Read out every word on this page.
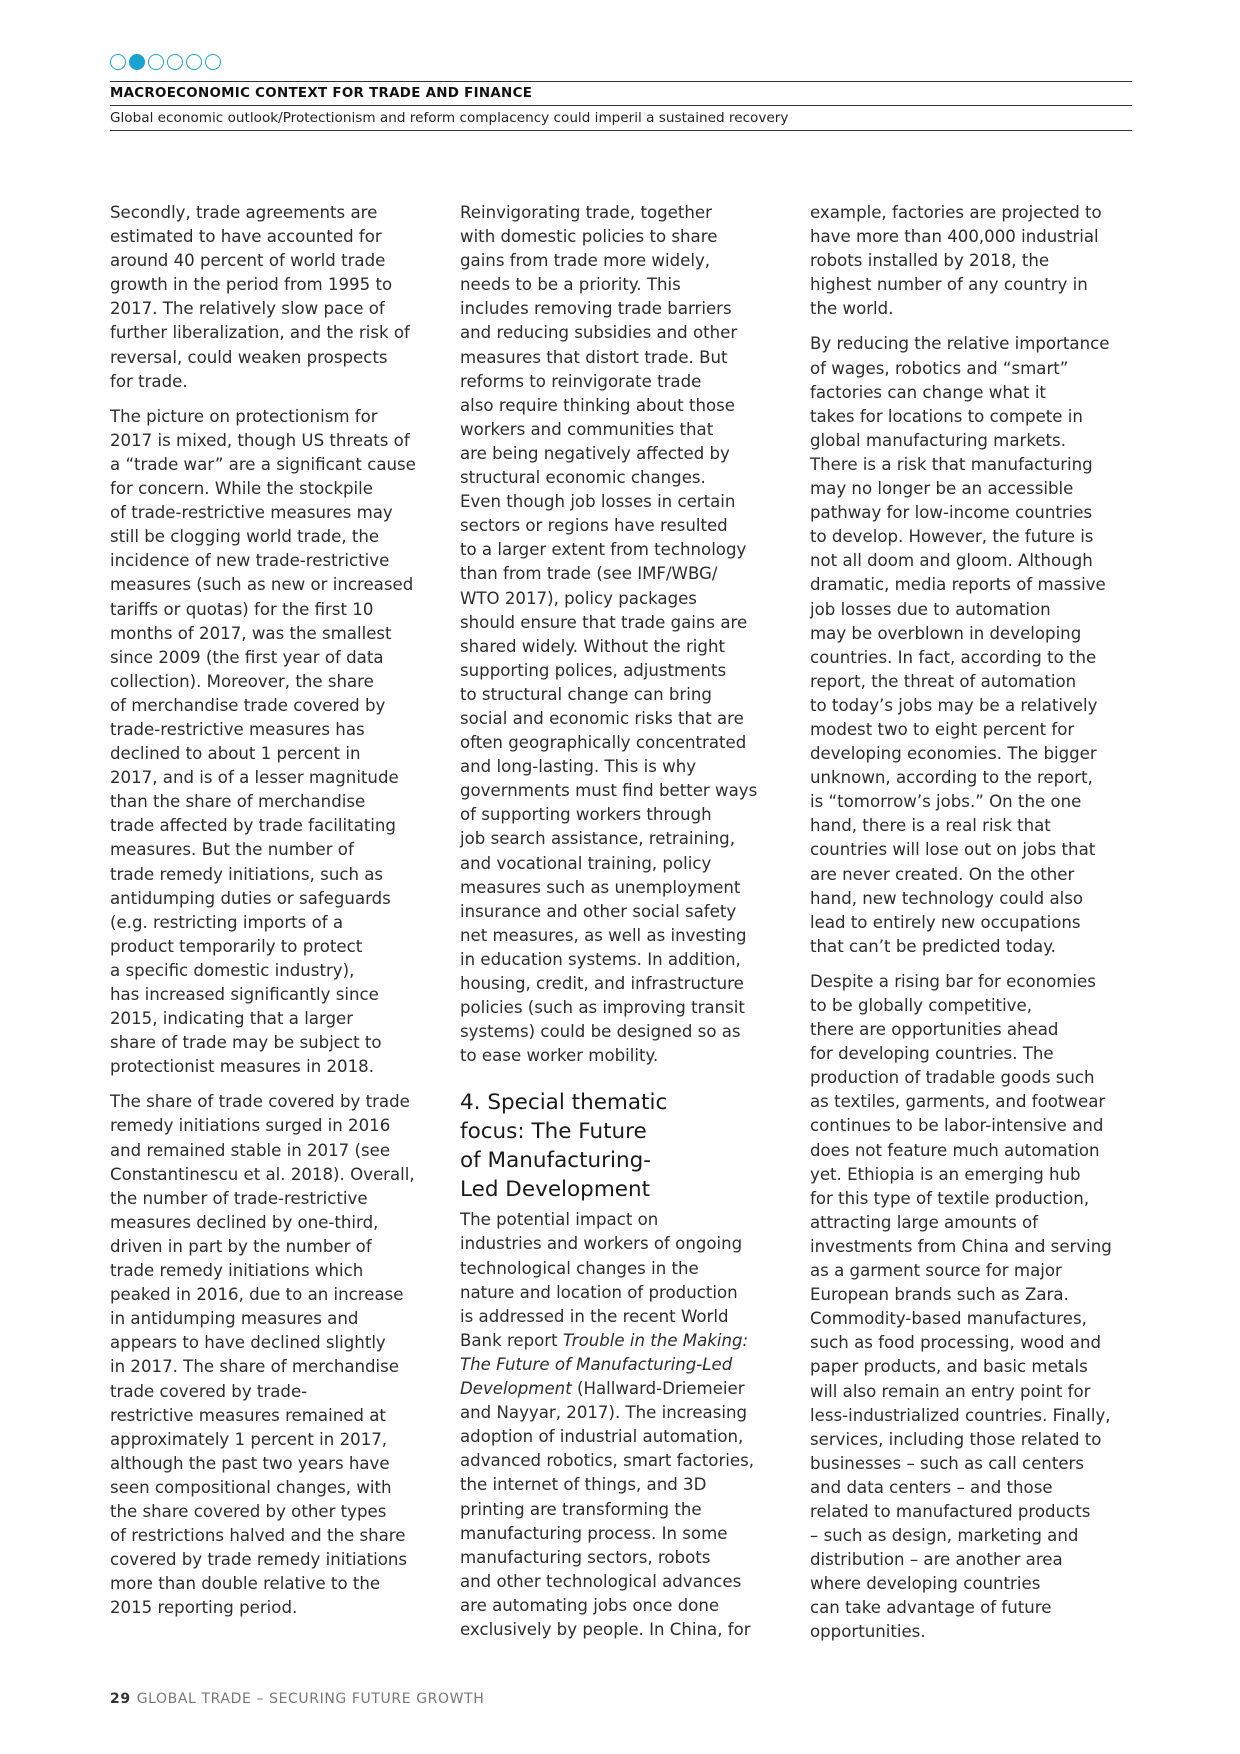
MACROECONOMIC CONTEXT FOR TRADE AND FINANCE
Global economic outlook/Protectionism and reform complacency could imperil a sustained recovery

Secondly, trade agreements are
estimated to have accounted for
around 40 percent of world trade
growth in the period from 1995 to
2017. The relatively slow pace of
further liberalization, and the risk of
reversal, could weaken prospects
for trade.

The picture on protectionism for
2017 is mixed, though US threats of
a “trade war” are a significant cause
for concern. While the stockpile
of trade-restrictive measures may
still be clogging world trade, the
incidence of new trade-restrictive
measures (such as new or increased
tariffs or quotas) for the first 10
months of 2017, was the smallest
since 2009 (the first year of data
collection). Moreover, the share
of merchandise trade covered by
trade-restrictive measures has
declined to about 1 percent in
2017, and is of a lesser magnitude
than the share of merchandise
trade affected by trade facilitating
measures. But the number of
trade remedy initiations, such as
antidumping duties or safeguards
(e.g. restricting imports of a
product temporarily to protect
a specific domestic industry),
has increased significantly since
2015, indicating that a larger
share of trade may be subject to
protectionist measures in 2018.

The share of trade covered by trade
remedy initiations surged in 2016
and remained stable in 2017 (see
Constantinescu et al. 2018). Overall,
the number of trade-restrictive
measures declined by one-third,
driven in part by the number of
trade remedy initiations which
peaked in 2016, due to an increase
in antidumping measures and
appears to have declined slightly
in 2017. The share of merchandise
trade covered by trade-
restrictive measures remained at
approximately 1 percent in 2017,
although the past two years have
seen compositional changes, with
the share covered by other types
of restrictions halved and the share
covered by trade remedy initiations
more than double relative to the
2015 reporting period.

Reinvigorating trade, together
with domestic policies to share
gains from trade more widely,
needs to be a priority. This
includes removing trade barriers
and reducing subsidies and other
measures that distort trade. But
reforms to reinvigorate trade
also require thinking about those
workers and communities that
are being negatively affected by
structural economic changes.
Even though job losses in certain
sectors or regions have resulted
to a larger extent from technology
than from trade (see IMF/WBG/
WTO 2017), policy packages
should ensure that trade gains are
shared widely. Without the right
supporting polices, adjustments
to structural change can bring
social and economic risks that are
often geographically concentrated
and long-lasting. This is why
governments must find better ways
of supporting workers through
job search assistance, retraining,
and vocational training, policy
measures such as unemployment
insurance and other social safety
net measures, as well as investing
in education systems. In addition,
housing, credit, and infrastructure
policies (such as improving transit
systems) could be designed so as
to ease worker mobility.

4. Special thematic
focus: The Future
of Manufacturing-
Led Development

The potential impact on
industries and workers of ongoing
technological changes in the
nature and location of production
is addressed in the recent World
Bank report Trouble in the Making:
The Future of Manufacturing-Led
Development (Hallward-Driemeier
and Nayyar, 2017). The increasing
adoption of industrial automation,
advanced robotics, smart factories,
the internet of things, and 3D
printing are transforming the
manufacturing process. In some
manufacturing sectors, robots
and other technological advances
are automating jobs once done
exclusively by people. In China, for

example, factories are projected to
have more than 400,000 industrial
robots installed by 2018, the
highest number of any country in
the world.

By reducing the relative importance
of wages, robotics and “smart”
factories can change what it
takes for locations to compete in
global manufacturing markets.
There is a risk that manufacturing
may no longer be an accessible
pathway for low-income countries
to develop. However, the future is
not all doom and gloom. Although
dramatic, media reports of massive
job losses due to automation
may be overblown in developing
countries. In fact, according to the
report, the threat of automation
to today’s jobs may be a relatively
modest two to eight percent for
developing economies. The bigger
unknown, according to the report,
is “tomorrow’s jobs.” On the one
hand, there is a real risk that
countries will lose out on jobs that
are never created. On the other
hand, new technology could also
lead to entirely new occupations
that can’t be predicted today.

Despite a rising bar for economies
to be globally competitive,
there are opportunities ahead
for developing countries. The
production of tradable goods such
as textiles, garments, and footwear
continues to be labor-intensive and
does not feature much automation
yet. Ethiopia is an emerging hub
for this type of textile production,
attracting large amounts of
investments from China and serving
as a garment source for major
European brands such as Zara.
Commodity-based manufactures,
such as food processing, wood and
paper products, and basic metals
will also remain an entry point for
less-industrialized countries. Finally,
services, including those related to
businesses – such as call centers
and data centers – and those
related to manufactured products
– such as design, marketing and
distribution – are another area
where developing countries
can take advantage of future
opportunities.

29 GLOBAL TRADE – SECURING FUTURE GROWTH
